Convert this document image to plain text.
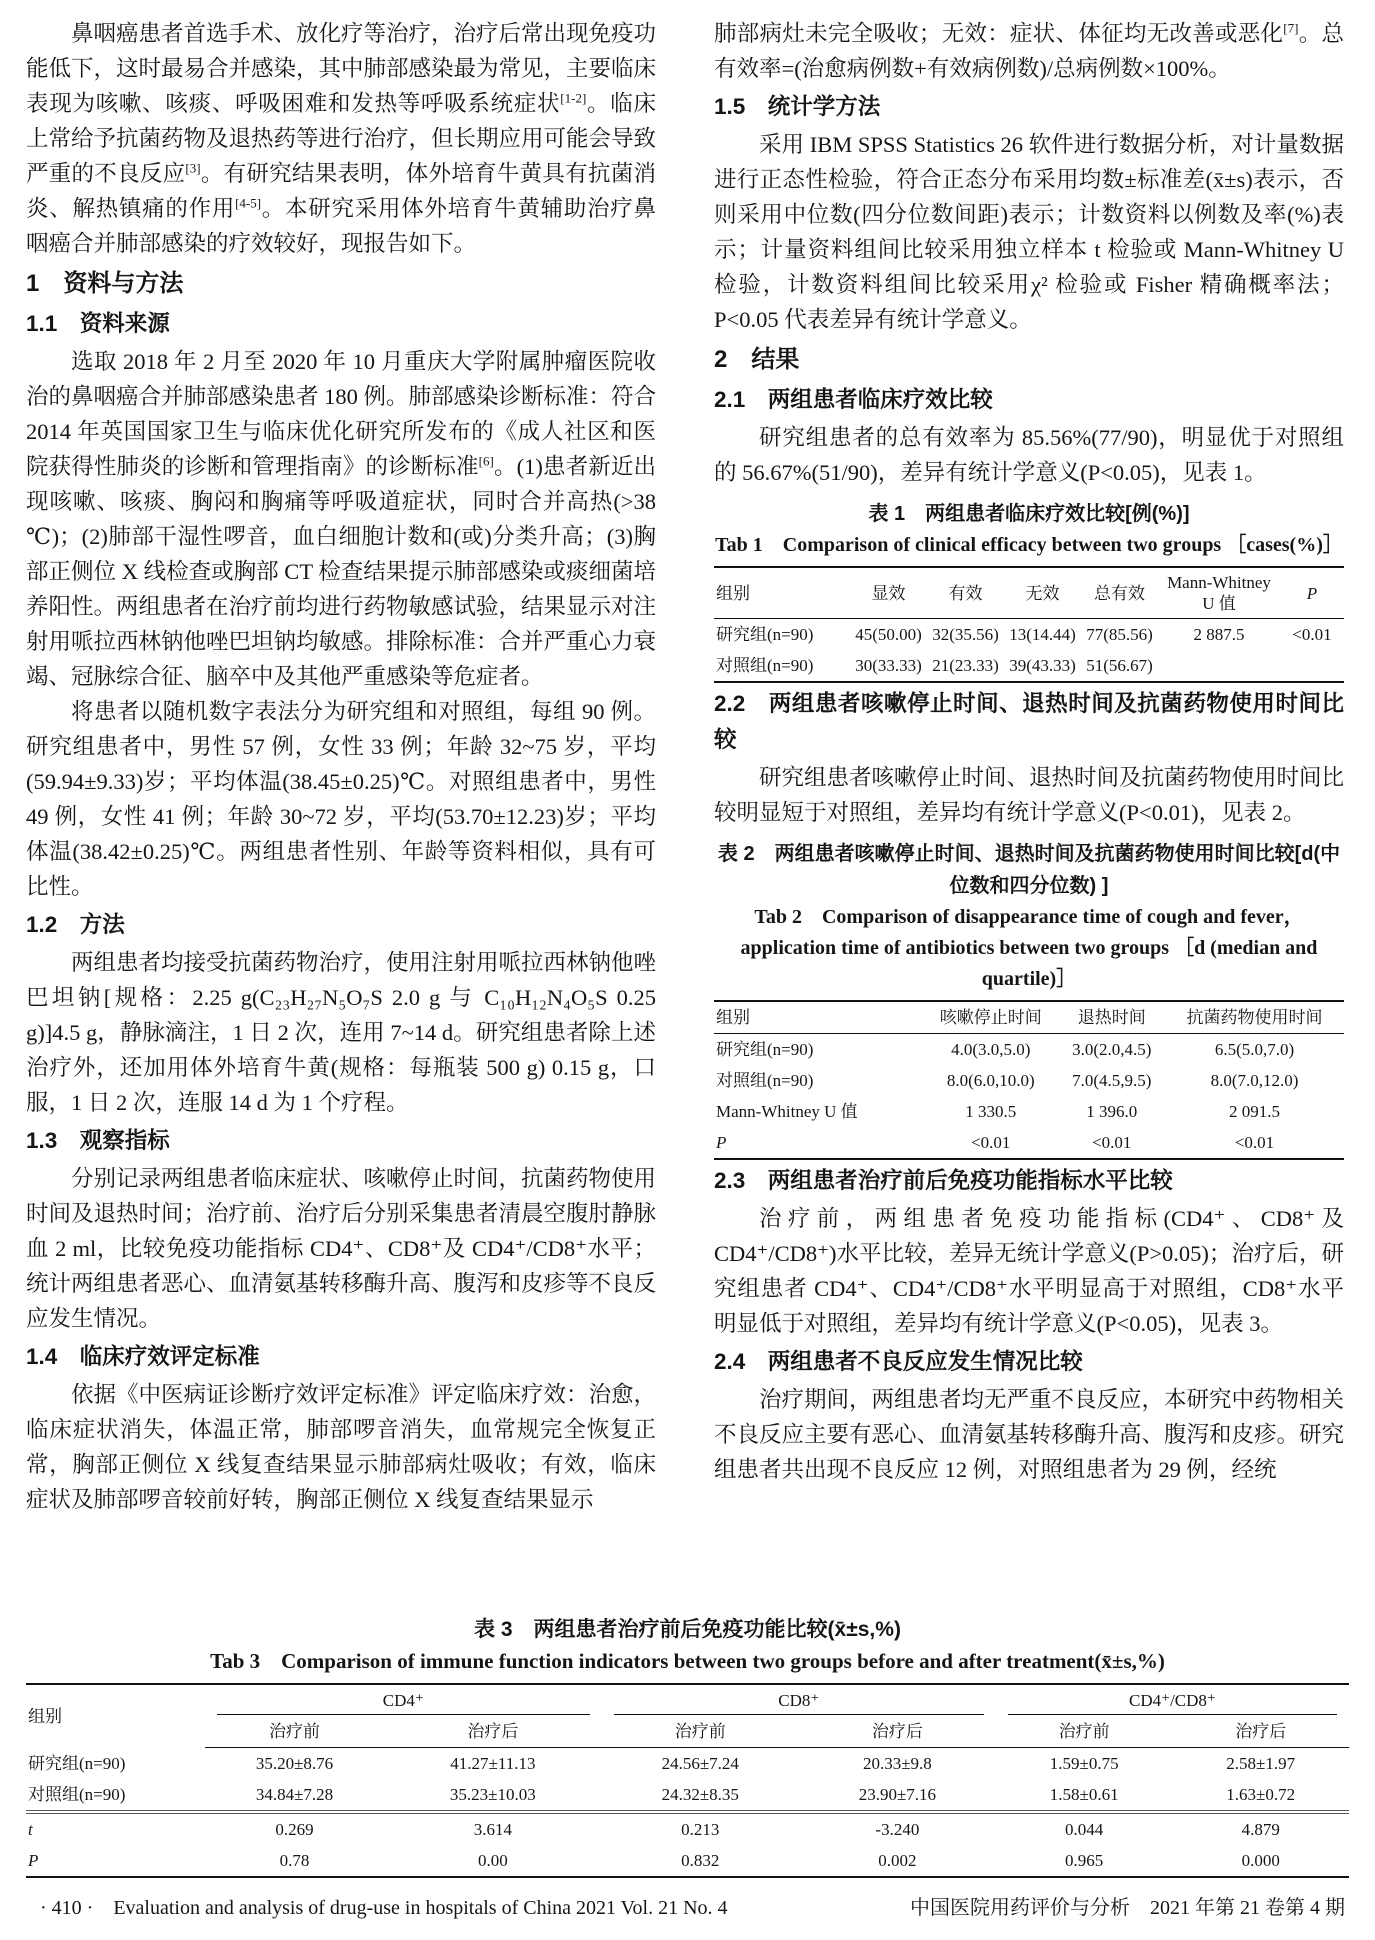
鼻咽癌患者首选手术、放化疗等治疗，治疗后常出现免疫功能低下，这时最易合并感染，其中肺部感染最为常见，主要临床表现为咳嗽、咳痰、呼吸困难和发热等呼吸系统症状[1-2]。临床上常给予抗菌药物及退热药等进行治疗，但长期应用可能会导致严重的不良反应[3]。有研究结果表明，体外培育牛黄具有抗菌消炎、解热镇痛的作用[4-5]。本研究采用体外培育牛黄辅助治疗鼻咽癌合并肺部感染的疗效较好，现报告如下。

1　资料与方法
1.1　资料来源

选取 2018 年 2 月至 2020 年 10 月重庆大学附属肿瘤医院收治的鼻咽癌合并肺部感染患者 180 例。肺部感染诊断标准：符合 2014 年英国国家卫生与临床优化研究所发布的《成人社区和医院获得性肺炎的诊断和管理指南》的诊断标准[6]。(1)患者新近出现咳嗽、咳痰、胸闷和胸痛等呼吸道症状，同时合并高热(>38 ℃)；(2)肺部干湿性啰音，血白细胞计数和(或)分类升高；(3)胸部正侧位 X 线检查或胸部 CT 检查结果提示肺部感染或痰细菌培养阳性。两组患者在治疗前均进行药物敏感试验，结果显示对注射用哌拉西林钠他唑巴坦钠均敏感。排除标准：合并严重心力衰竭、冠脉综合征、脑卒中及其他严重感染等危症者。

将患者以随机数字表法分为研究组和对照组，每组 90 例。研究组患者中，男性 57 例，女性 33 例；年龄 32~75 岁，平均(59.94±9.33)岁；平均体温(38.45±0.25)℃。对照组患者中，男性 49 例，女性 41 例；年龄 30~72 岁，平均(53.70±12.23)岁；平均体温(38.42±0.25)℃。两组患者性别、年龄等资料相似，具有可比性。

1.2　方法

两组患者均接受抗菌药物治疗，使用注射用哌拉西林钠他唑巴坦钠[规格：2.25 g(C₂₃H₂₇N₅O₇S 2.0 g 与 C₁₀H₁₂N₄O₅S 0.25 g)]4.5 g，静脉滴注，1 日 2 次，连用 7~14 d。研究组患者除上述治疗外，还加用体外培育牛黄(规格：每瓶装 500 g) 0.15 g，口服，1 日 2 次，连服 14 d 为 1 个疗程。

1.3　观察指标

分别记录两组患者临床症状、咳嗽停止时间，抗菌药物使用时间及退热时间；治疗前、治疗后分别采集患者清晨空腹肘静脉血 2 ml，比较免疫功能指标 CD4⁺、CD8⁺及 CD4⁺/CD8⁺水平；统计两组患者恶心、血清氨基转移酶升高、腹泻和皮疹等不良反应发生情况。

1.4　临床疗效评定标准

依据《中医病证诊断疗效评定标准》评定临床疗效：治愈，临床症状消失，体温正常，肺部啰音消失，血常规完全恢复正常，胸部正侧位 X 线复查结果显示肺部病灶吸收；有效，临床症状及肺部啰音较前好转，胸部正侧位 X 线复查结果显示

肺部病灶未完全吸收；无效：症状、体征均无改善或恶化[7]。总有效率=(治愈病例数+有效病例数)/总病例数×100%。

1.5　统计学方法

采用 IBM SPSS Statistics 26 软件进行数据分析，对计量数据进行正态性检验，符合正态分布采用均数±标准差(x̄±s)表示，否则采用中位数(四分位数间距)表示；计数资料以例数及率(%)表示；计量资料组间比较采用独立样本 t 检验或 Mann-Whitney U 检验，计数资料组间比较采用χ² 检验或 Fisher 精确概率法；P<0.05 代表差异有统计学意义。

2　结果
2.1　两组患者临床疗效比较

研究组患者的总有效率为 85.56%(77/90)，明显优于对照组的 56.67%(51/90)，差异有统计学意义(P<0.05)，见表 1。

表 1　两组患者临床疗效比较[例(%)]
Tab 1　Comparison of clinical efficacy between two groups ［cases(%)］
组别	显效	有效	无效	总有效	Mann-Whitney U 值	P
研究组(n=90)	45(50.00)	32(35.56)	13(14.44)	77(85.56)	2 887.5	<0.01
对照组(n=90)	30(33.33)	21(23.33)	39(43.33)	51(56.67)		
2.2　两组患者咳嗽停止时间、退热时间及抗菌药物使用时间比较

研究组患者咳嗽停止时间、退热时间及抗菌药物使用时间比较明显短于对照组，差异均有统计学意义(P<0.01)，见表 2。

表 2　两组患者咳嗽停止时间、退热时间及抗菌药物使用时间比较[d(中位数和四分位数) ]
Tab 2　Comparison of disappearance time of cough and fever，application time of antibiotics between two groups ［d (median and quartile)］
组别	咳嗽停止时间	退热时间	抗菌药物使用时间
研究组(n=90)	4.0(3.0,5.0)	3.0(2.0,4.5)	6.5(5.0,7.0)
对照组(n=90)	8.0(6.0,10.0)	7.0(4.5,9.5)	8.0(7.0,12.0)
Mann-Whitney U 值	1 330.5	1 396.0	2 091.5
P	<0.01	<0.01	<0.01
2.3　两组患者治疗前后免疫功能指标水平比较

治疗前，两组患者免疫功能指标(CD4⁺、CD8⁺及 CD4⁺/CD8⁺)水平比较，差异无统计学意义(P>0.05)；治疗后，研究组患者 CD4⁺、CD4⁺/CD8⁺水平明显高于对照组，CD8⁺水平明显低于对照组，差异均有统计学意义(P<0.05)，见表 3。

2.4　两组患者不良反应发生情况比较

治疗期间，两组患者均无严重不良反应，本研究中药物相关不良反应主要有恶心、血清氨基转移酶升高、腹泻和皮疹。研究组患者共出现不良反应 12 例，对照组患者为 29 例，经统

表 3　两组患者治疗前后免疫功能比较(x̄±s,%)
Tab 3　Comparison of immune function indicators between two groups before and after treatment(x̄±s,%)
组别	CD4⁺		CD8⁺		CD4⁺/CD8⁺	
	治疗前	治疗后	治疗前	治疗后	治疗前	治疗后
研究组(n=90)	35.20±8.76	41.27±11.13	24.56±7.24	20.33±9.8	1.59±0.75	2.58±1.97
对照组(n=90)	34.84±7.28	35.23±10.03	24.32±8.35	23.90±7.16	1.58±0.61	1.63±0.72
t	0.269	3.614	0.213	-3.240	0.044	4.879
P	0.78	0.00	0.832	0.002	0.965	0.000
· 410 ·　Evaluation and analysis of drug-use in hospitals of China 2021 Vol. 21 No. 4	中国医院用药评价与分析　2021 年第 21 卷第 4 期
